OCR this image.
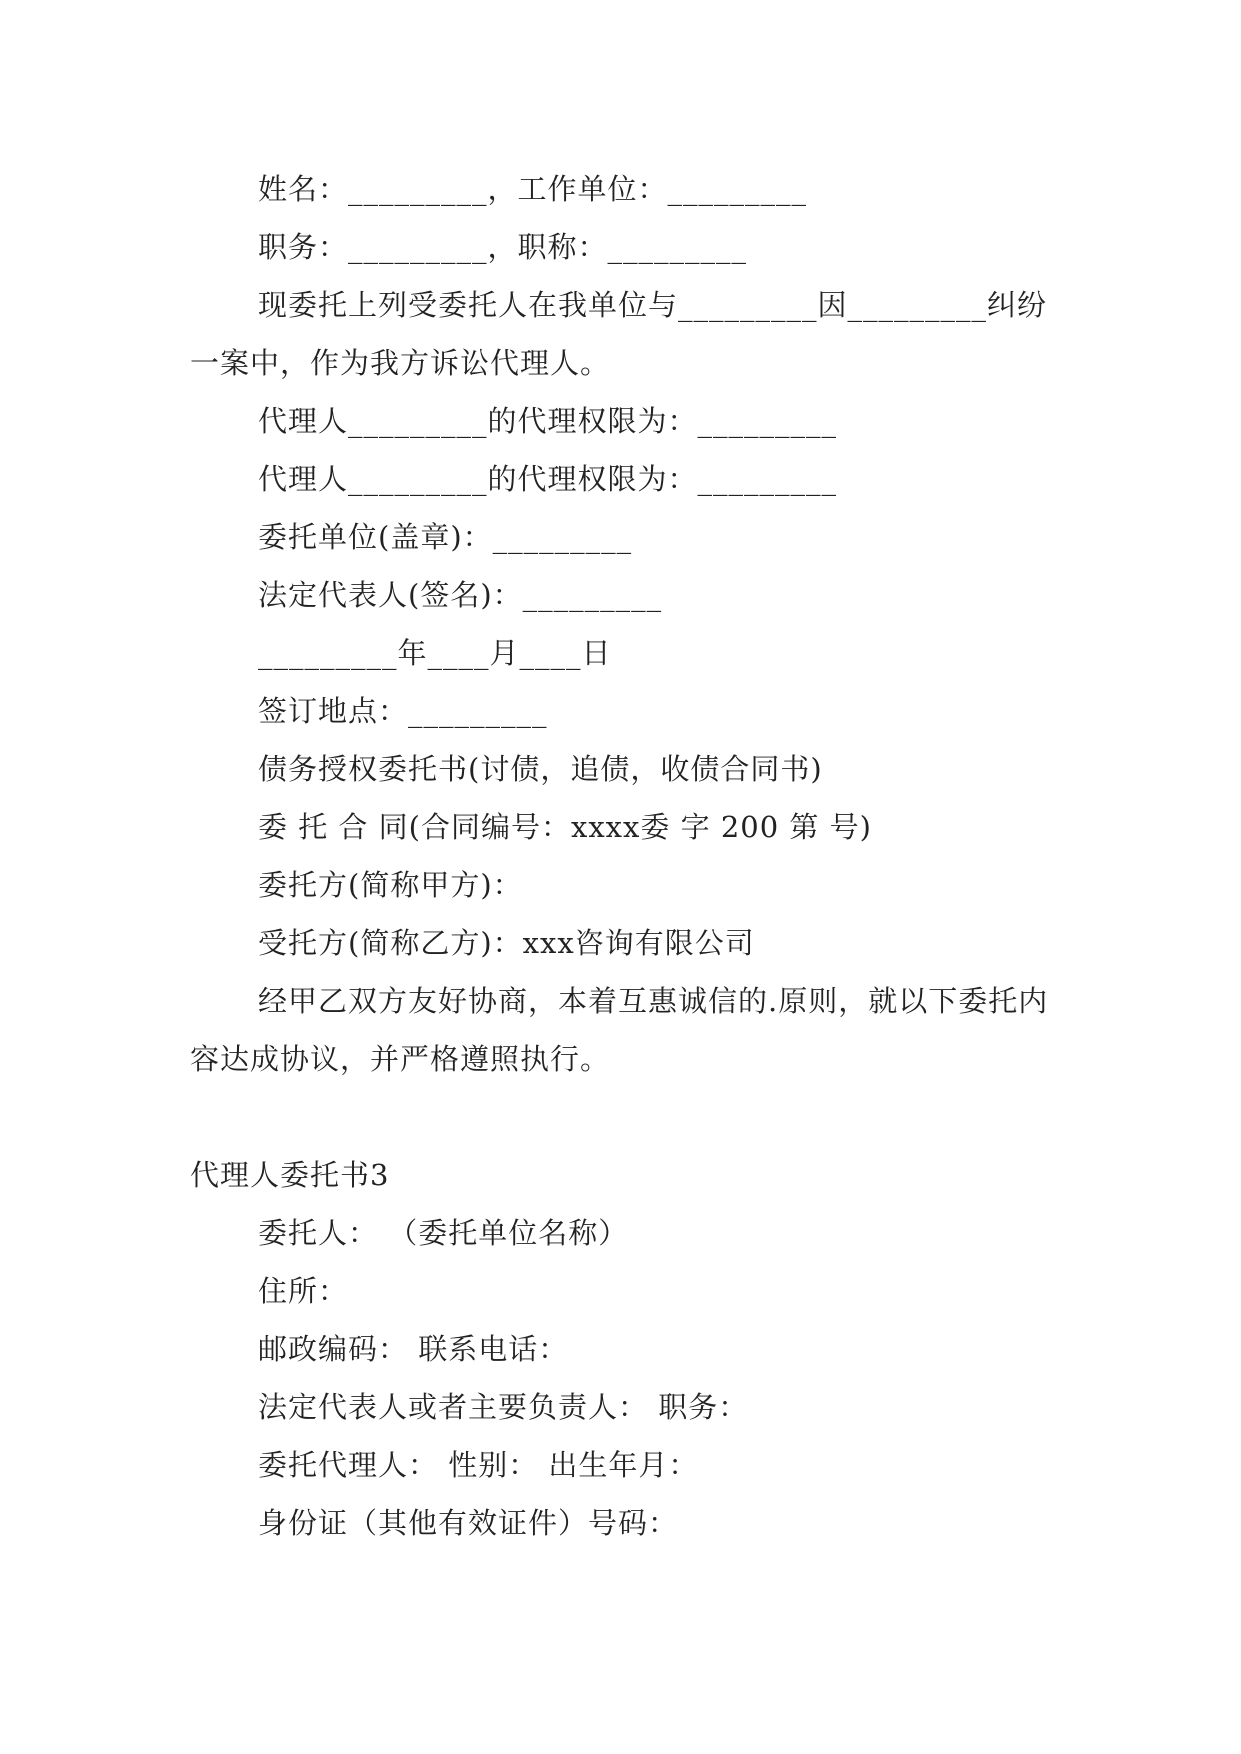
姓名：_________，工作单位：_________

职务：_________，职称：_________

现委托上列受委托人在我单位与_________因_________纠纷一案中，作为我方诉讼代理人。

代理人_________的代理权限为：_________

代理人_________的代理权限为：_________

委托单位(盖章)：_________

法定代表人(签名)：_________

_________年____月____日

签订地点：_________

债务授权委托书(讨债，追债，收债合同书)

委 托 合 同(合同编号：xxxx委 字 200 第 号)

委托方(简称甲方)：

受托方(简称乙方)：xxx咨询有限公司

经甲乙双方友好协商，本着互惠诚信的.原则，就以下委托内容达成协议，并严格遵照执行。

代理人委托书3

委托人： （委托单位名称）

住所：

邮政编码： 联系电话：

法定代表人或者主要负责人： 职务：

委托代理人： 性别： 出生年月：

身份证（其他有效证件）号码：
